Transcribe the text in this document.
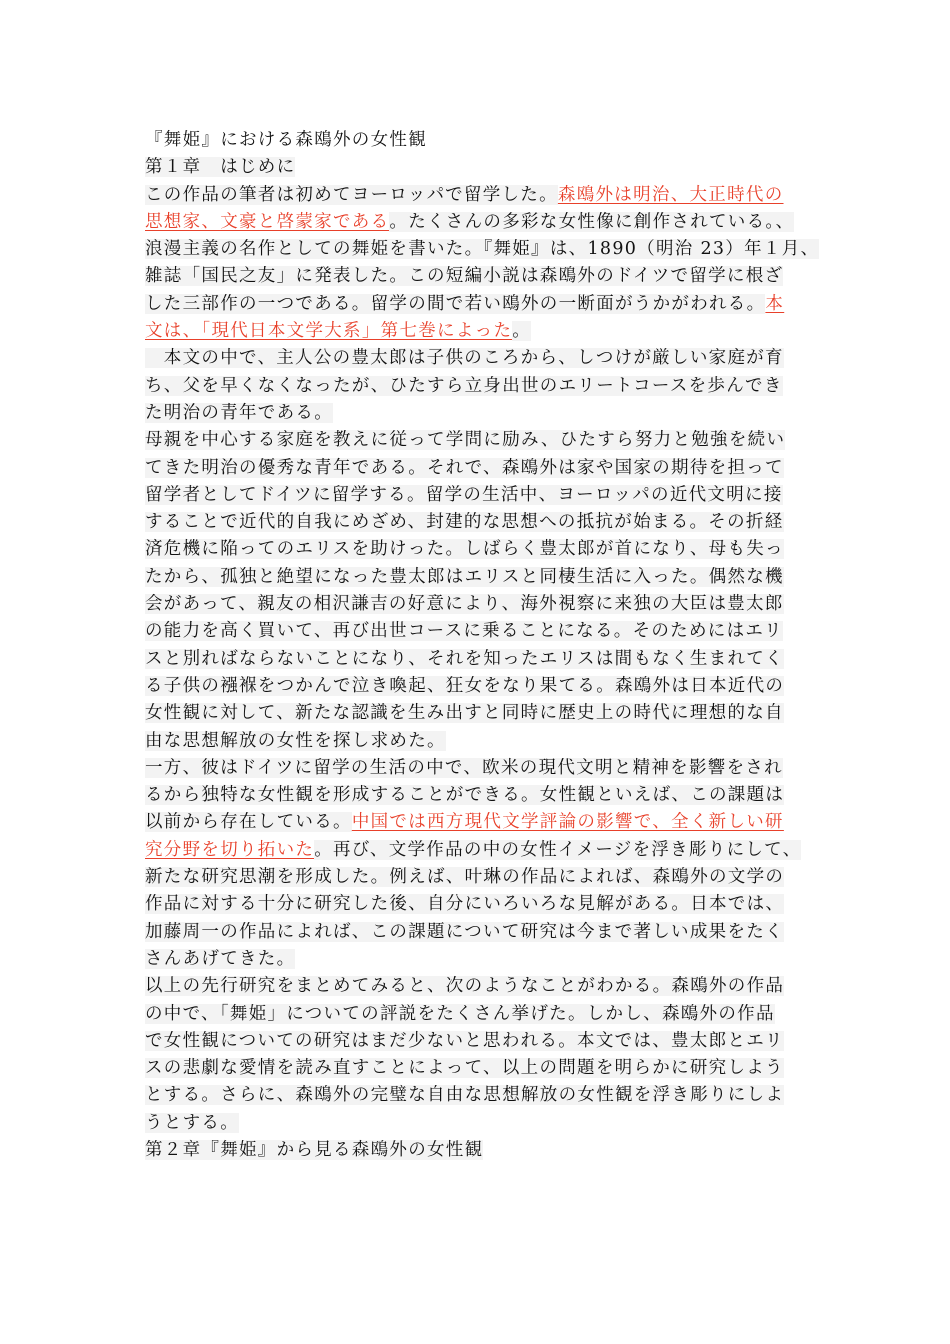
『舞姫』における森鴎外の女性観
第１章　はじめに
この作品の筆者は初めてヨーロッパで留学した。森鴎外は明治、大正時代の
思想家、文豪と啓蒙家である。たくさんの多彩な女性像に創作されている。、
浪漫主義の名作としての舞姫を書いた。『舞姫』は、1890（明治 23）年１月、
雑誌「国民之友」に発表した。この短編小説は森鴎外のドイツで留学に根ざ
した三部作の一つである。留学の間で若い鴎外の一断面がうかがわれる。本
文は、「現代日本文学大系」第七巻によった。
　本文の中で、主人公の豊太郎は子供のころから、しつけが厳しい家庭が育
ち、父を早くなくなったが、ひたすら立身出世のエリートコースを歩んでき
た明治の青年である。
母親を中心する家庭を教えに従って学問に励み、ひたすら努力と勉強を続い
てきた明治の優秀な青年である。それで、森鴎外は家や国家の期待を担って
留学者としてドイツに留学する。留学の生活中、ヨーロッパの近代文明に接
することで近代的自我にめざめ、封建的な思想への抵抗が始まる。その折経
済危機に陥ってのエリスを助けった。しばらく豊太郎が首になり、母も失っ
たから、孤独と絶望になった豊太郎はエリスと同棲生活に入った。偶然な機
会があって、親友の相沢謙吉の好意により、海外視察に来独の大臣は豊太郎
の能力を高く買いて、再び出世コースに乗ることになる。そのためにはエリ
スと別ればならないことになり、それを知ったエリスは間もなく生まれてく
る子供の襁褓をつかんで泣き喚起、狂女をなり果てる。森鴎外は日本近代の
女性観に対して、新たな認識を生み出すと同時に歴史上の時代に理想的な自
由な思想解放の女性を探し求めた。
一方、彼はドイツに留学の生活の中で、欧米の現代文明と精神を影響をされ
るから独特な女性観を形成することができる。女性観といえば、この課題は
以前から存在している。中国では西方現代文学評論の影響で、全く新しい研
究分野を切り拓いた。再び、文学作品の中の女性イメージを浮き彫りにして、
新たな研究思潮を形成した。例えば、叶琳の作品によれば、森鴎外の文学の
作品に対する十分に研究した後、自分にいろいろな見解がある。日本では、
加藤周一の作品によれば、この課題について研究は今まで著しい成果をたく
さんあげてきた。
以上の先行研究をまとめてみると、次のようなことがわかる。森鴎外の作品
の中で、「舞姫」についての評説をたくさん挙げた。しかし、森鴎外の作品
で女性観についての研究はまだ少ないと思われる。本文では、豊太郎とエリ
スの悲劇な愛情を読み直すことによって、以上の問題を明らかに研究しよう
とする。さらに、森鴎外の完璧な自由な思想解放の女性観を浮き彫りにしよ
うとする。
第２章『舞姫』から見る森鴎外の女性観
